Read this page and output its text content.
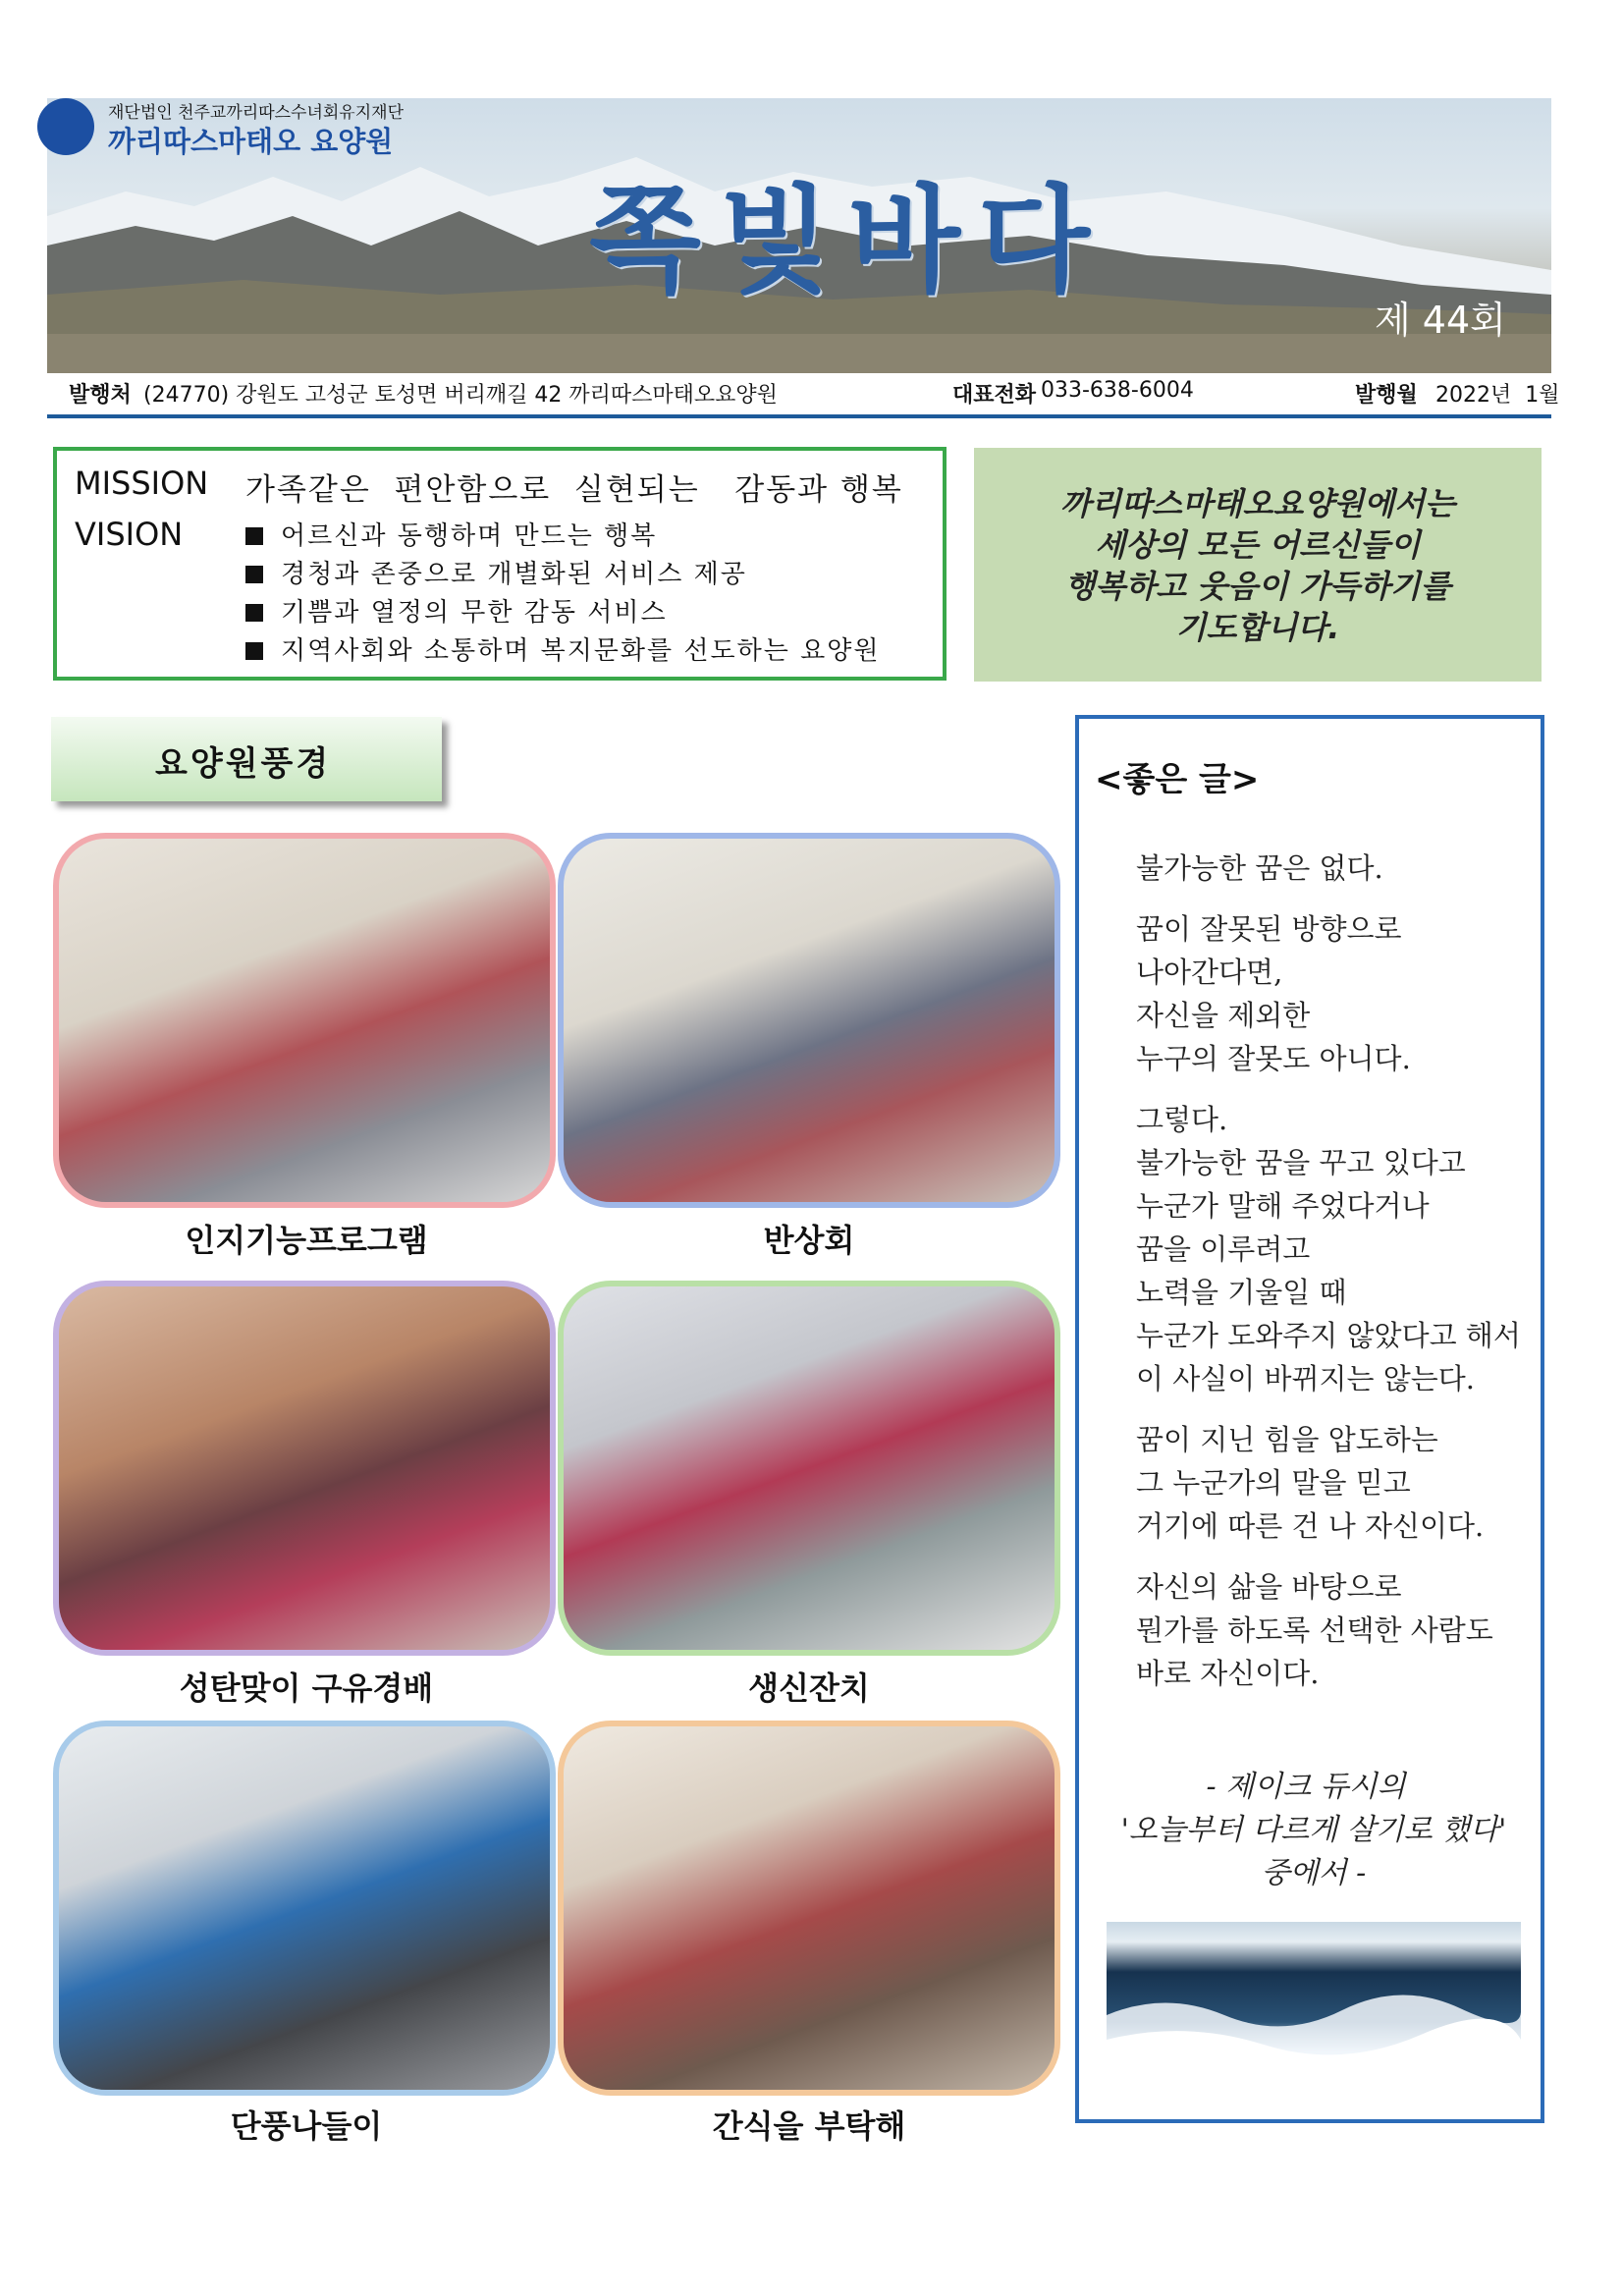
재단법인 천주교까리따스수녀회유지재단
까리따스마태오 요양원
쪽빛바다
제 44회
발행처 (24770) 강원도 고성군 토성면 버리깨길 42 까리따스마태오요양원	대표전화 033-638-6004	발행월 2022년  1월
MISSION 가족같은  편안함으로  실현되는   감동과 행복
VISION	어르신과 동행하며 만드는 행복
경청과 존중으로 개별화된 서비스 제공
기쁨과 열정의 무한 감동 서비스
지역사회와 소통하며 복지문화를 선도하는 요양원
까리따스마태오요양원에서는
세상의 모든 어르신들이
행복하고 웃음이 가득하기를
기도합니다.
요양원풍경
인지기능프로그램	반상회
성탄맞이 구유경배	생신잔치
단풍나들이	간식을 부탁해
<좋은 글>
불가능한 꿈은 없다.
꿈이 잘못된 방향으로
나아간다면,
자신을 제외한
누구의 잘못도 아니다.
그렇다.
불가능한 꿈을 꾸고 있다고
누군가 말해 주었다거나
꿈을 이루려고
노력을 기울일 때
누군가 도와주지 않았다고 해서
이 사실이 바뀌지는 않는다.
꿈이 지닌 힘을 압도하는
그 누군가의 말을 믿고
거기에 따른 건 나 자신이다.
자신의 삶을 바탕으로
뭔가를 하도록 선택한 사람도
바로 자신이다.
- 제이크 듀시의
'오늘부터 다르게 살기로 했다'
중에서 -
